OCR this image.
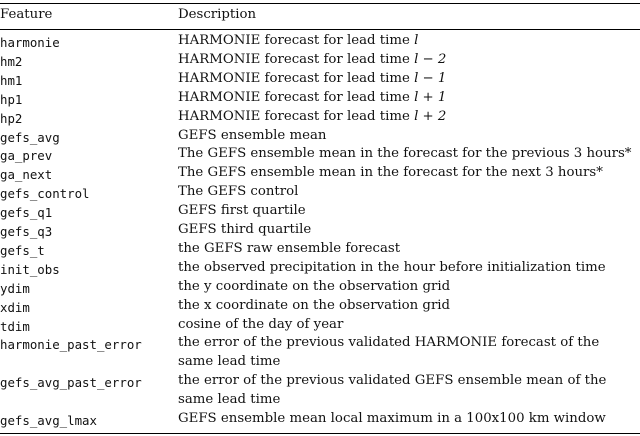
Feature	Description
harmonie	HARMONIE forecast for lead time l
hm2	HARMONIE forecast for lead time l − 2
hm1	HARMONIE forecast for lead time l − 1
hp1	HARMONIE forecast for lead time l + 1
hp2	HARMONIE forecast for lead time l + 2
gefs_avg	GEFS ensemble mean
ga_prev	The GEFS ensemble mean in the forecast for the previous 3 hours*
ga_next	The GEFS ensemble mean in the forecast for the next 3 hours*
gefs_control	The GEFS control
gefs_q1	GEFS first quartile
gefs_q3	GEFS third quartile
gefs_t	the GEFS raw ensemble forecast
init_obs	the observed precipitation in the hour before initialization time
ydim	the y coordinate on the observation grid
xdim	the x coordinate on the observation grid
tdim	cosine of the day of year
harmonie_past_error	the error of the previous validated HARMONIE forecast of the same lead time
gefs_avg_past_error	the error of the previous validated GEFS ensemble mean of the same lead time
gefs_avg_lmax	GEFS ensemble mean local maximum in a 100x100 km window
